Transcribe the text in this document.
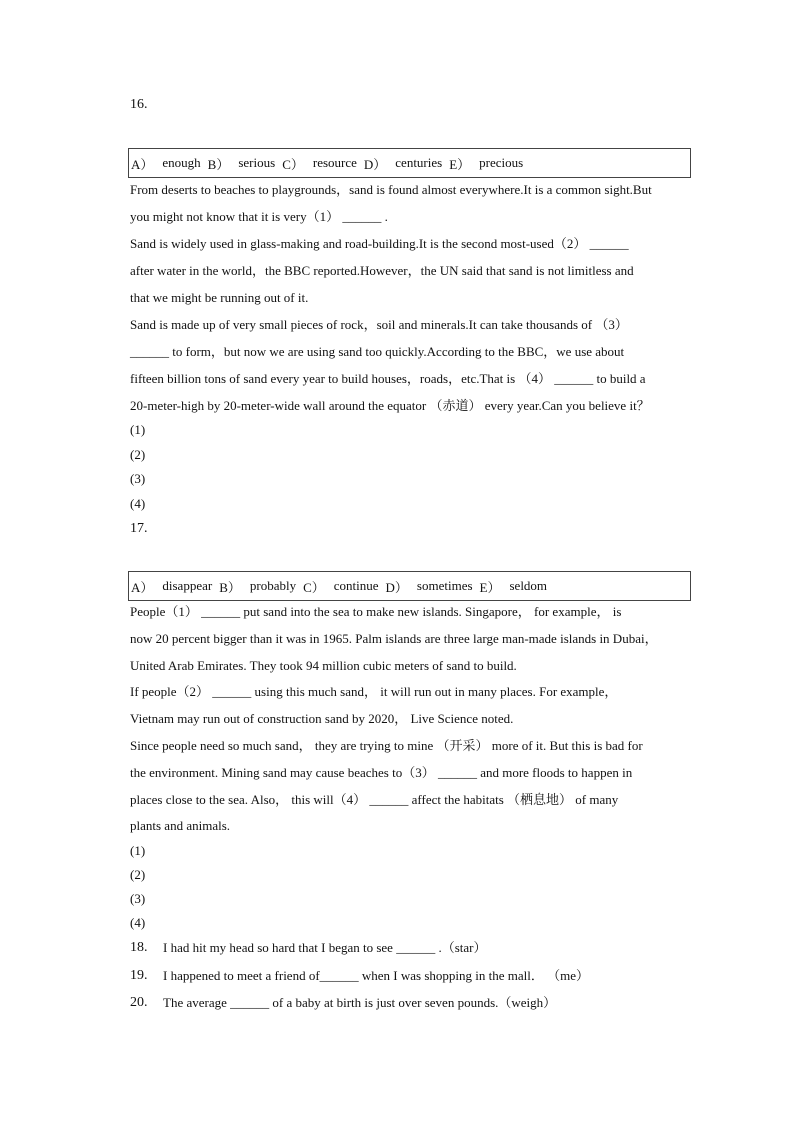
16.
A） enough B） serious C） resource D） centuries E） precious
From deserts to beaches to playgrounds，sand is found almost everywhere.It is a common sight.But
you might not know that it is very（1） ______ .
Sand is widely used in glass-making and road-building.It is the second most-used（2） ______
after water in the world，the BBC reported.However，the UN said that sand is not limitless and
that we might be running out of it.
Sand is made up of very small pieces of rock，soil and minerals.It can take thousands of （3）
______ to form，but now we are using sand too quickly.According to the BBC，we use about
fifteen billion tons of sand every year to build houses，roads，etc.That is （4） ______ to build a
20-meter-high by 20-meter-wide wall around the equator （赤道） every year.Can you believe it？
(1)
(2)
(3)
(4)
17.
A） disappear B） probably C） continue D） sometimes E） seldom
People（1） ______ put sand into the sea to make new islands. Singapore， for example， is
now 20 percent bigger than it was in 1965. Palm islands are three large man-made islands in Dubai，
United Arab Emirates. They took 94 million cubic meters of sand to build.
If people（2） ______ using this much sand， it will run out in many places. For example，
Vietnam may run out of construction sand by 2020， Live Science noted.
Since people need so much sand， they are trying to mine （开采） more of it. But this is bad for
the environment. Mining sand may cause beaches to（3） ______ and more floods to happen in
places close to the sea. Also， this will（4） ______ affect the habitats （栖息地） of many
plants and animals.
(1)
(2)
(3)
(4)
18.	I had hit my head so hard that I began to see ______ .（star）
19.	I happened to meet a friend of______ when I was shopping in the mall． （me）
20.	The average ______ of a baby at birth is just over seven pounds.（weigh）
